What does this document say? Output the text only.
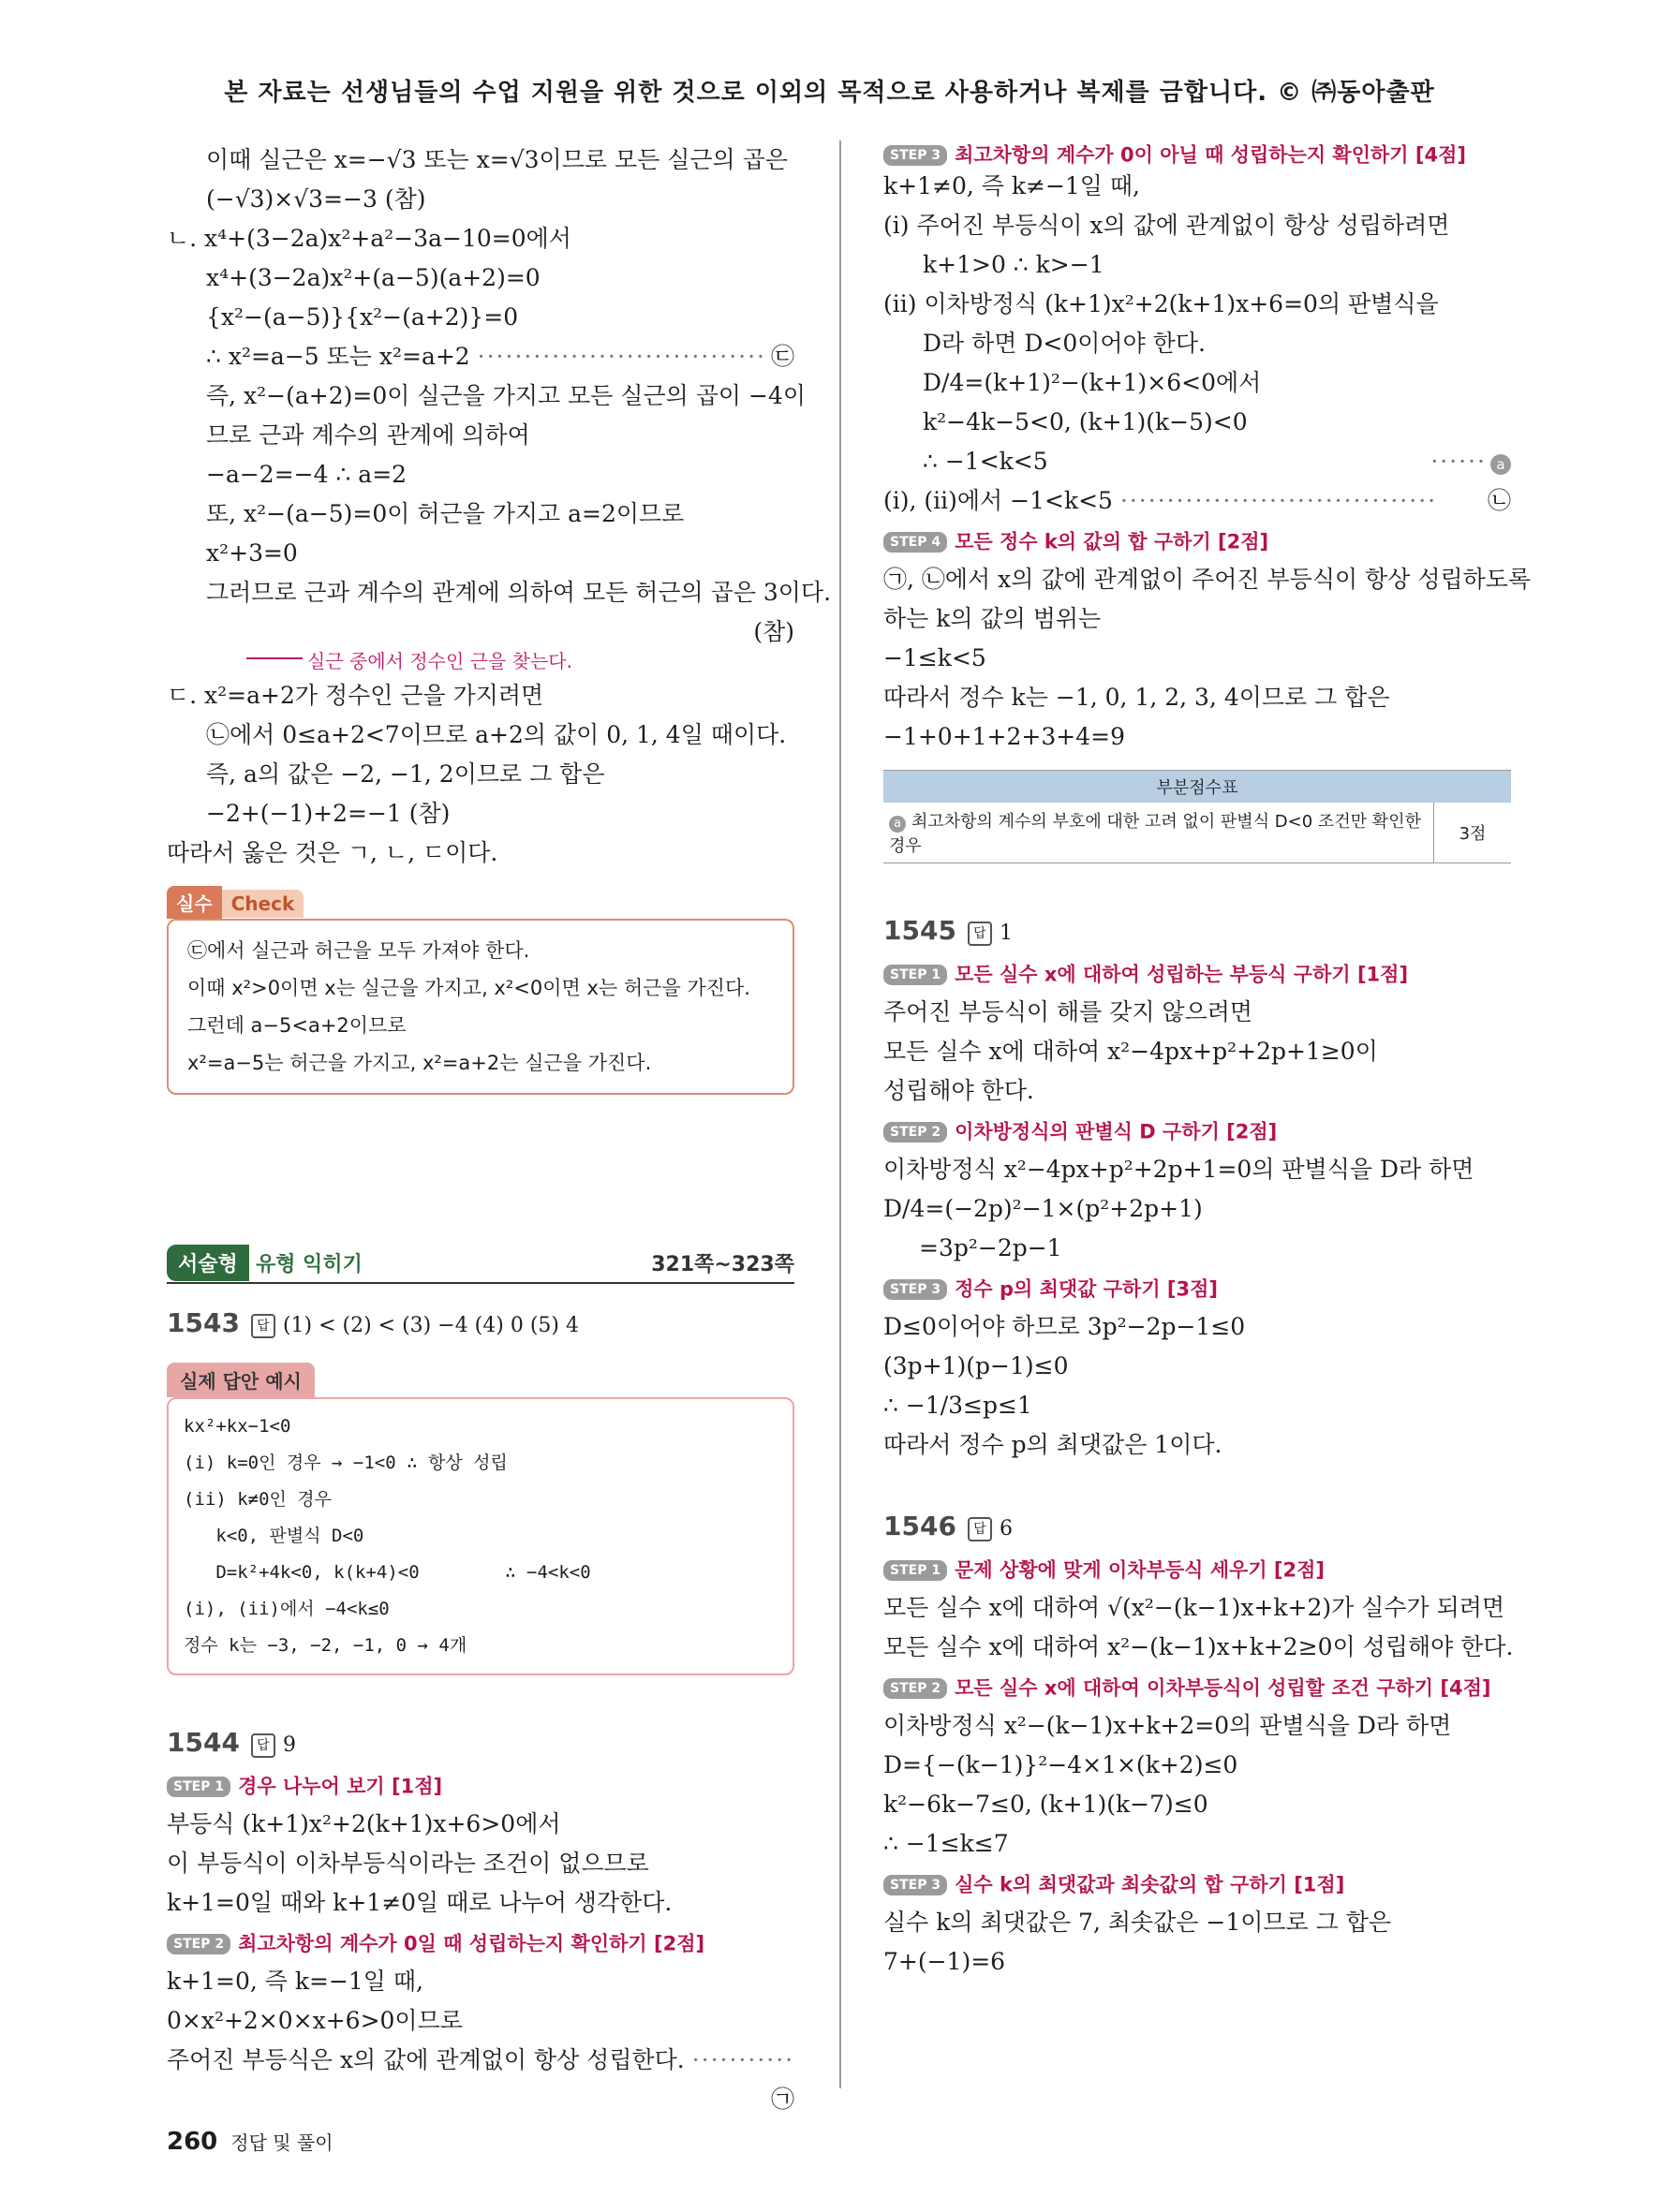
본 자료는 선생님들의 수업 지원을 위한 것으로 이외의 목적으로 사용하거나 복제를 금합니다. © ㈜동아출판
이때 실근은 x=−√3 또는 x=√3이므로 모든 실근의 곱은
(−√3)×√3=−3 (참)
ㄴ. x⁴+(3−2a)x²+a²−3a−10=0에서
x⁴+(3−2a)x²+(a−5)(a+2)=0
{x²−(a−5)}{x²−(a+2)}=0
∴ x²=a−5 또는 x²=a+2 ······························· ㉢
즉, x²−(a+2)=0이 실근을 가지고 모든 실근의 곱이 −4이
므로 근과 계수의 관계에 의하여
−a−2=−4 ∴ a=2
또, x²−(a−5)=0이 허근을 가지고 a=2이므로
x²+3=0
그러므로 근과 계수의 관계에 의하여 모든 허근의 곱은 3이다.
(참)
실근 중에서 정수인 근을 찾는다.
ㄷ. x²=a+2가 정수인 근을 가지려면
㉡에서 0≤a+2<7이므로 a+2의 값이 0, 1, 4일 때이다.
즉, a의 값은 −2, −1, 2이므로 그 합은
−2+(−1)+2=−1 (참)
따라서 옳은 것은 ㄱ, ㄴ, ㄷ이다.
실수 Check
㉢에서 실근과 허근을 모두 가져야 한다.
이때 x²>0이면 x는 실근을 가지고, x²<0이면 x는 허근을 가진다.
그런데 a−5<a+2이므로
x²=a−5는 허근을 가지고, x²=a+2는 실근을 가진다.
서술형 유형 익히기	321쪽~323쪽
1543 답 (1) < (2) < (3) −4 (4) 0 (5) 4
실제 답안 예시
kx²+kx−1<0
(i) k=0인 경우 → −1<0 ∴ 항상 성립
(ii) k≠0인 경우
k<0, 판별식 D<0
D=k²+4k<0, k(k+4)<0        ∴ −4<k<0
(i), (ii)에서 −4<k≤0
정수 k는 −3, −2, −1, 0 → 4개
1544 답 9
STEP 1 경우 나누어 보기 [1점]
부등식 (k+1)x²+2(k+1)x+6>0에서
이 부등식이 이차부등식이라는 조건이 없으므로
k+1=0일 때와 k+1≠0일 때로 나누어 생각한다.
STEP 2 최고차항의 계수가 0일 때 성립하는지 확인하기 [2점]
k+1=0, 즉 k=−1일 때,
0×x²+2×0×x+6>0이므로
주어진 부등식은 x의 값에 관계없이 항상 성립한다. ···········
㉠
STEP 3 최고차항의 계수가 0이 아닐 때 성립하는지 확인하기 [4점]
k+1≠0, 즉 k≠−1일 때,
(i) 주어진 부등식이 x의 값에 관계없이 항상 성립하려면
k+1>0 ∴ k>−1
(ii) 이차방정식 (k+1)x²+2(k+1)x+6=0의 판별식을
D라 하면 D<0이어야 한다.
D/4=(k+1)²−(k+1)×6<0에서
k²−4k−5<0, (k+1)(k−5)<0
∴ −1<k<5	······ a
(i), (ii)에서 −1<k<5 ·································· ㉡
STEP 4 모든 정수 k의 값의 합 구하기 [2점]
㉠, ㉡에서 x의 값에 관계없이 주어진 부등식이 항상 성립하도록
하는 k의 값의 범위는
−1≤k<5
따라서 정수 k는 −1, 0, 1, 2, 3, 4이므로 그 합은
−1+0+1+2+3+4=9
부분점수표
a 최고차항의 계수의 부호에 대한 고려 없이 판별식 D<0 조건만 확인한 경우	3점
1545 답 1
STEP 1 모든 실수 x에 대하여 성립하는 부등식 구하기 [1점]
주어진 부등식이 해를 갖지 않으려면
모든 실수 x에 대하여 x²−4px+p²+2p+1≥0이
성립해야 한다.
STEP 2 이차방정식의 판별식 D 구하기 [2점]
이차방정식 x²−4px+p²+2p+1=0의 판별식을 D라 하면
D/4=(−2p)²−1×(p²+2p+1)
=3p²−2p−1
STEP 3 정수 p의 최댓값 구하기 [3점]
D≤0이어야 하므로 3p²−2p−1≤0
(3p+1)(p−1)≤0
∴ −1/3≤p≤1
따라서 정수 p의 최댓값은 1이다.
1546 답 6
STEP 1 문제 상황에 맞게 이차부등식 세우기 [2점]
모든 실수 x에 대하여 √(x²−(k−1)x+k+2)가 실수가 되려면
모든 실수 x에 대하여 x²−(k−1)x+k+2≥0이 성립해야 한다.
STEP 2 모든 실수 x에 대하여 이차부등식이 성립할 조건 구하기 [4점]
이차방정식 x²−(k−1)x+k+2=0의 판별식을 D라 하면
D={−(k−1)}²−4×1×(k+2)≤0
k²−6k−7≤0, (k+1)(k−7)≤0
∴ −1≤k≤7
STEP 3 실수 k의 최댓값과 최솟값의 합 구하기 [1점]
실수 k의 최댓값은 7, 최솟값은 −1이므로 그 합은
7+(−1)=6
260 정답 및 풀이
